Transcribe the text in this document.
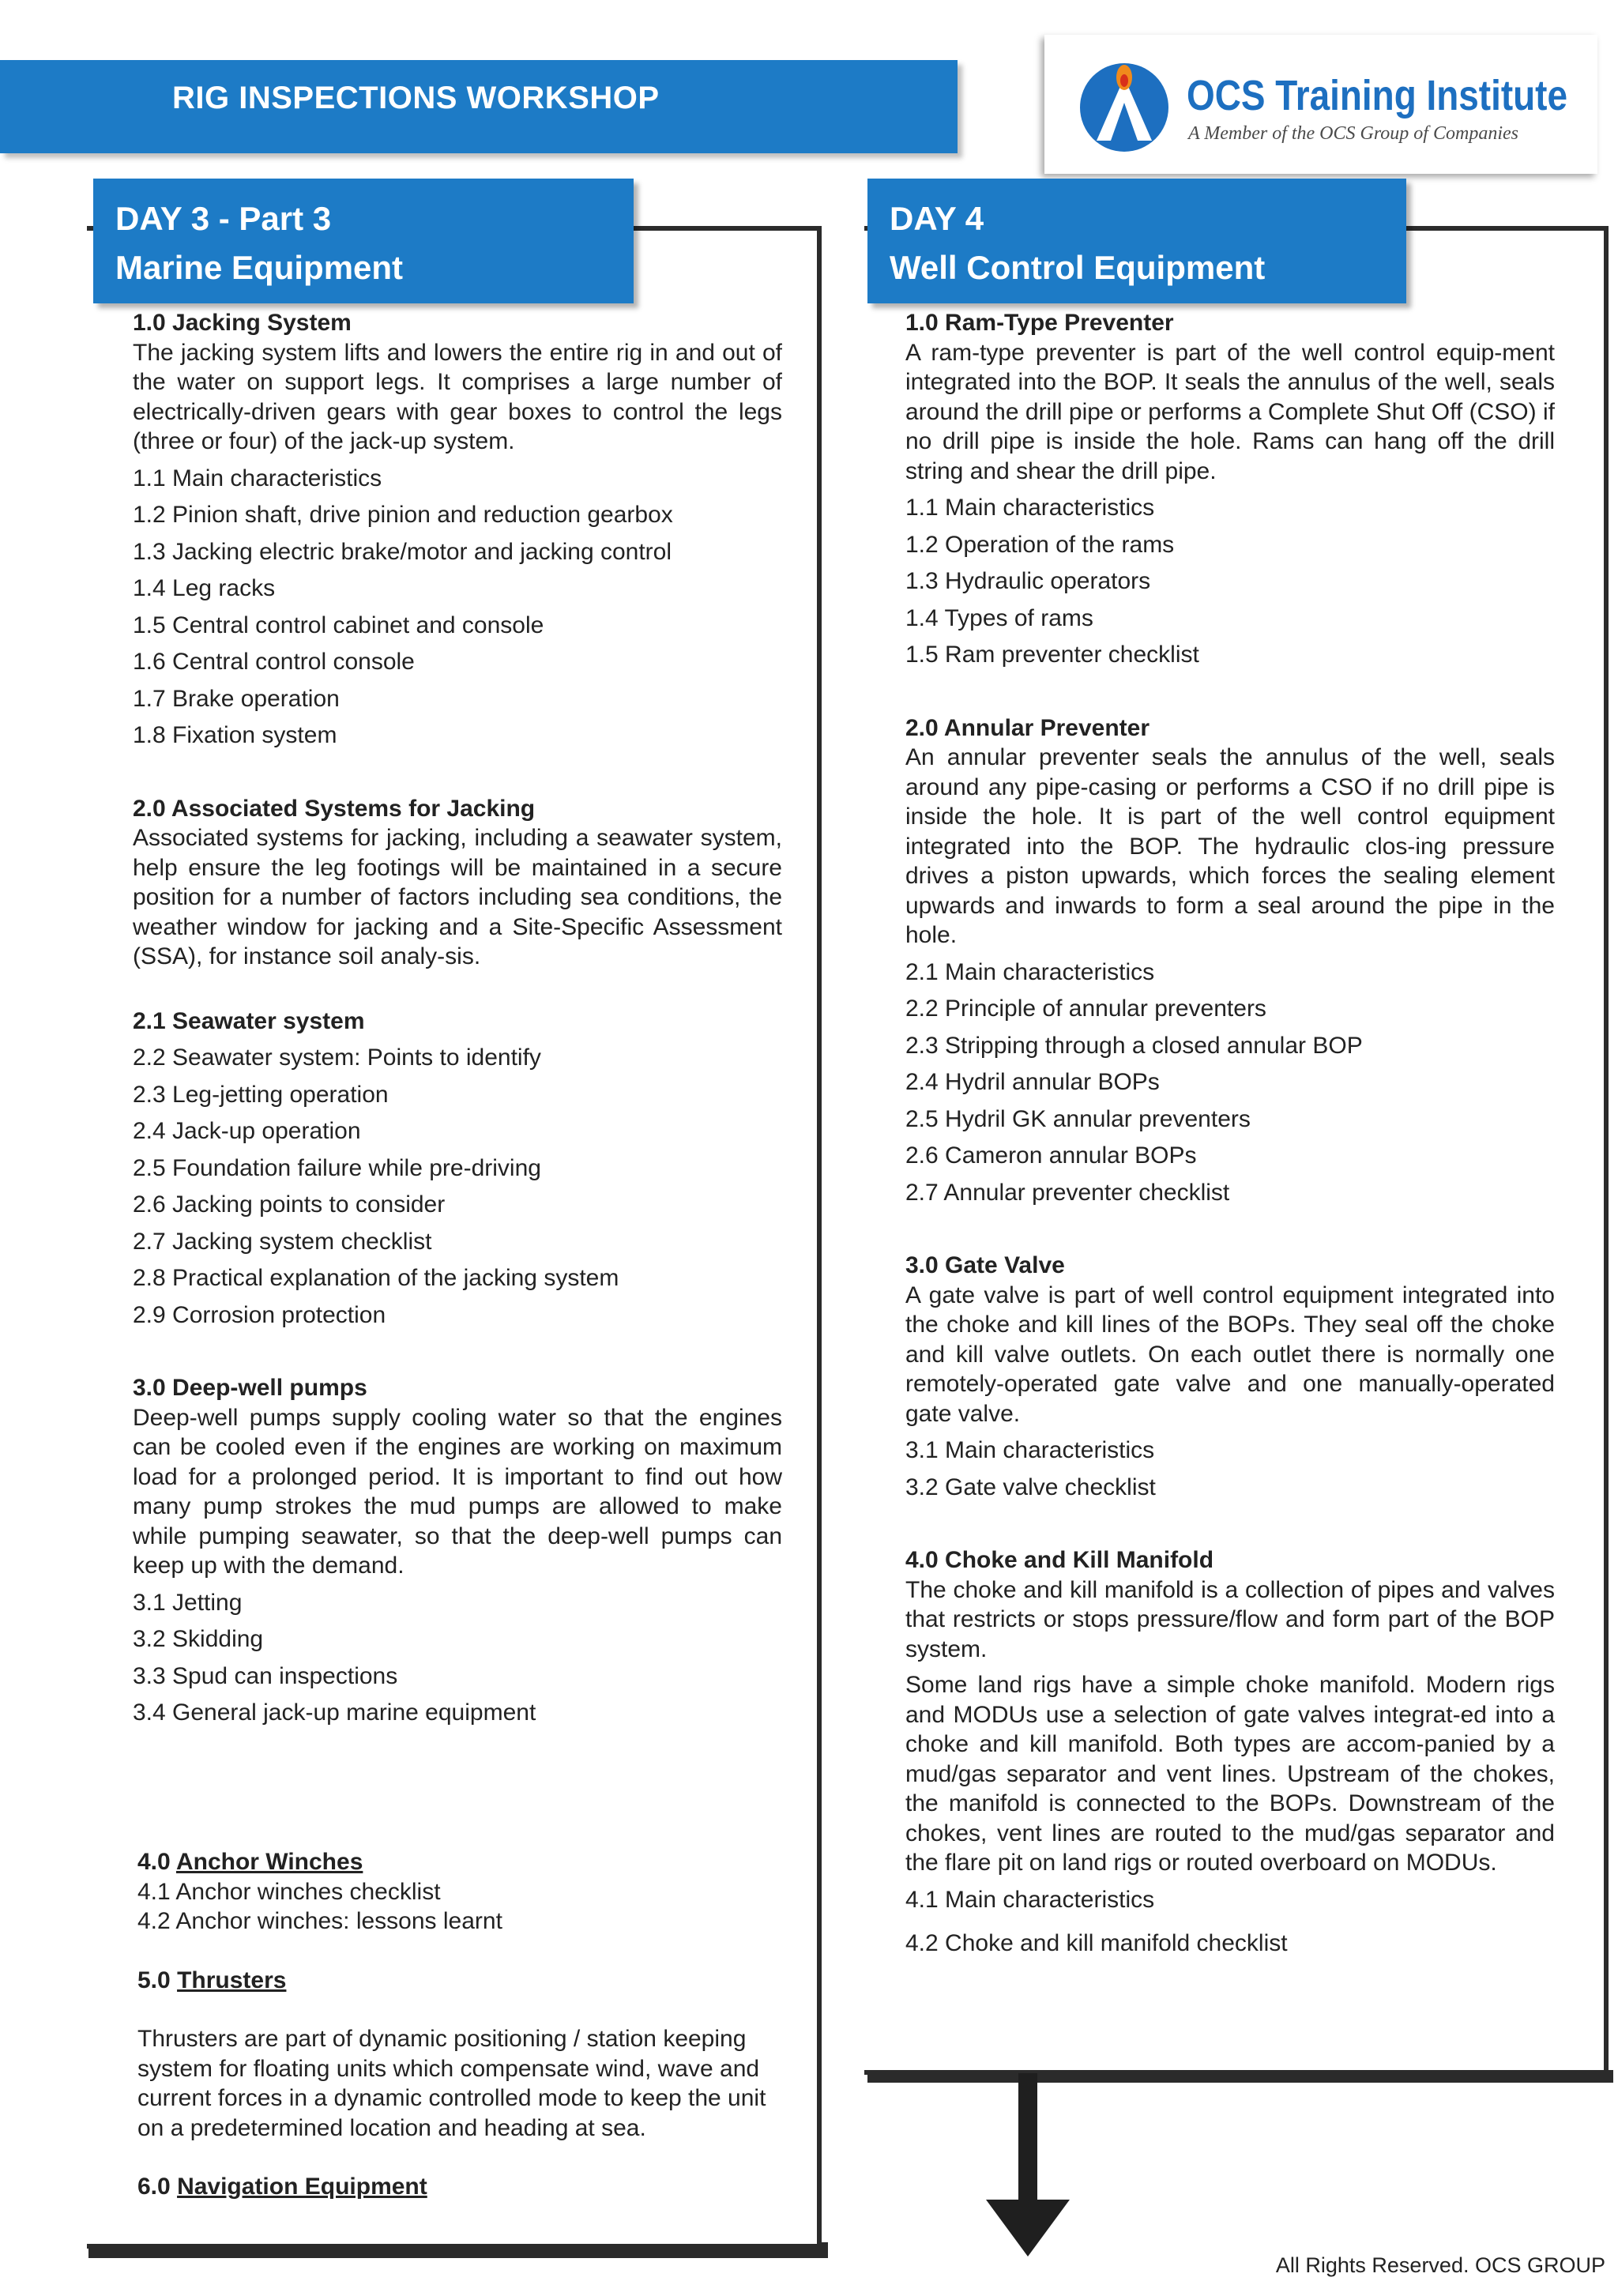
RIG INSPECTIONS WORKSHOP	OCS Training Institute
A Member of the OCS Group of Companies
DAY 3 - Part 3
Marine Equipment

1.0 Jacking System

The jacking system lifts and lowers the entire rig in and out of the water on support legs. It comprises a large number of electrically-driven gears with gear boxes to control the legs (three or four) of the jack-up system.

1.1 Main characteristics
1.2 Pinion shaft, drive pinion and reduction gearbox
1.3 Jacking electric brake/motor and jacking control
1.4 Leg racks
1.5 Central control cabinet and console
1.6 Central control console
1.7 Brake operation
1.8 Fixation system

2.0 Associated Systems for Jacking

Associated systems for jacking, including a seawater system, help ensure the leg footings will be maintained in a secure position for a number of factors including sea conditions, the weather window for jacking and a Site-Specific Assessment (SSA), for instance soil analy-sis.

2.1 Seawater system
2.2 Seawater system: Points to identify
2.3 Leg-jetting operation
2.4 Jack-up operation
2.5 Foundation failure while pre-driving
2.6 Jacking points to consider
2.7 Jacking system checklist
2.8 Practical explanation of the jacking system
2.9 Corrosion protection

3.0 Deep-well pumps

Deep-well pumps supply cooling water so that the engines can be cooled even if the engines are working on maximum load for a prolonged period. It is important to find out how many pump strokes the mud pumps are allowed to make while pumping seawater, so that the deep-well pumps can keep up with the demand.

3.1 Jetting
3.2 Skidding
3.3 Spud can inspections
3.4 General jack-up marine equipment
4.0 Anchor Winches
4.1 Anchor winches checklist
4.2 Anchor winches: lessons learnt
5.0 Thrusters

Thrusters are part of dynamic positioning / station keeping system for floating units which compensate wind, wave and current forces in a dynamic controlled mode to keep the unit on a predetermined location and heading at sea.

6.0 Navigation Equipment
DAY 4
Well Control Equipment

1.0 Ram-Type Preventer

A ram-type preventer is part of the well control equip-ment integrated into the BOP. It seals the annulus of the well, seals around the drill pipe or performs a Complete Shut Off (CSO) if no drill pipe is inside the hole. Rams can hang off the drill string and shear the drill pipe.

1.1 Main characteristics
1.2 Operation of the rams
1.3 Hydraulic operators
1.4 Types of rams
1.5 Ram preventer checklist

2.0 Annular Preventer

An annular preventer seals the annulus of the well, seals around any pipe-casing or performs a CSO if no drill pipe is inside the hole. It is part of the well control equipment integrated into the BOP. The hydraulic clos-ing pressure drives a piston upwards, which forces the sealing element upwards and inwards to form a seal around the pipe in the hole.

2.1 Main characteristics
2.2 Principle of annular preventers
2.3 Stripping through a closed annular BOP
2.4 Hydril annular BOPs
2.5 Hydril GK annular preventers
2.6 Cameron annular BOPs
2.7 Annular preventer checklist

3.0 Gate Valve

A gate valve is part of well control equipment integrated into the choke and kill lines of the BOPs. They seal off the choke and kill valve outlets. On each outlet there is normally one remotely-operated gate valve and one manually-operated gate valve.

3.1 Main characteristics
3.2 Gate valve checklist

4.0 Choke and Kill Manifold

The choke and kill manifold is a collection of pipes and valves that restricts or stops pressure/flow and form part of the BOP system.

Some land rigs have a simple choke manifold. Modern rigs and MODUs use a selection of gate valves integrat-ed into a choke and kill manifold. Both types are accom-panied by a mud/gas separator and vent lines. Upstream of the chokes, the manifold is connected to the BOPs. Downstream of the chokes, vent lines are routed to the mud/gas separator and the flare pit on land rigs or routed overboard on MODUs.

4.1 Main characteristics
4.2 Choke and kill manifold checklist
All Rights Reserved. OCS GROUP
